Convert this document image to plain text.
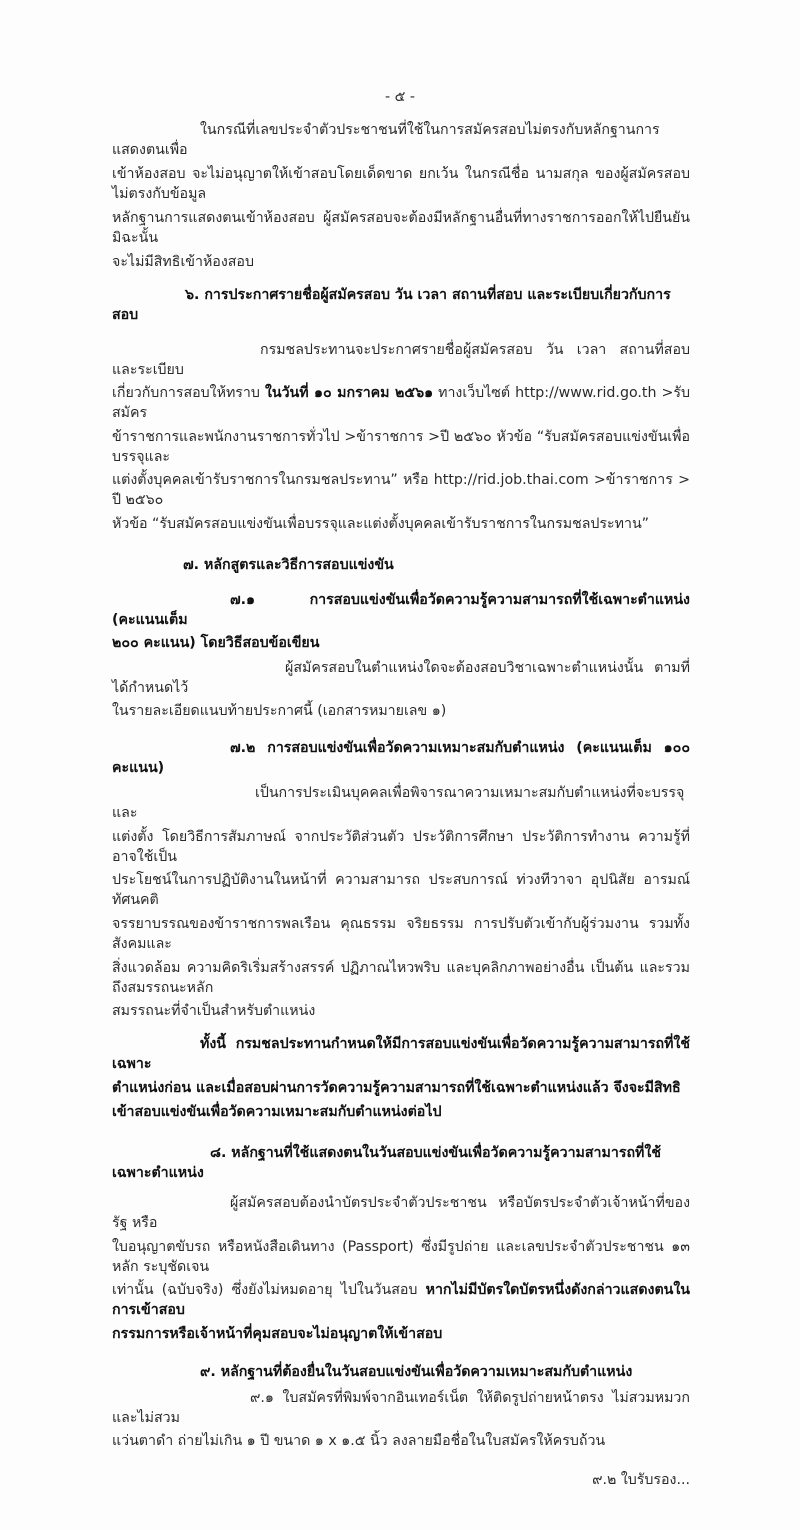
- ๕ -
ในกรณีที่เลขประจำตัวประชาชนที่ใช้ในการสมัครสอบไม่ตรงกับหลักฐานการแสดงตนเพื่อ
เข้าห้องสอบ จะไม่อนุญาตให้เข้าสอบโดยเด็ดขาด ยกเว้น ในกรณีชื่อ นามสกุล ของผู้สมัครสอบไม่ตรงกับข้อมูล
หลักฐานการแสดงตนเข้าห้องสอบ ผู้สมัครสอบจะต้องมีหลักฐานอื่นที่ทางราชการออกให้ไปยืนยัน มิฉะนั้น
จะไม่มีสิทธิเข้าห้องสอบ
๖. การประกาศรายชื่อผู้สมัครสอบ วัน เวลา สถานที่สอบ และระเบียบเกี่ยวกับการสอบ
กรมชลประทานจะประกาศรายชื่อผู้สมัครสอบ วัน เวลา สถานที่สอบ และระเบียบ
เกี่ยวกับการสอบให้ทราบ ในวันที่ ๑๐ มกราคม ๒๕๖๑ ทางเว็บไซต์ http://www.rid.go.th >รับสมัคร
ข้าราชการและพนักงานราชการทั่วไป >ข้าราชการ >ปี ๒๕๖๐ หัวข้อ “รับสมัครสอบแข่งขันเพื่อบรรจุและ
แต่งตั้งบุคคลเข้ารับราชการในกรมชลประทาน” หรือ http://rid.job.thai.com >ข้าราชการ > ปี ๒๕๖๐
หัวข้อ “รับสมัครสอบแข่งขันเพื่อบรรจุและแต่งตั้งบุคคลเข้ารับราชการในกรมชลประทาน”
๗. หลักสูตรและวิธีการสอบแข่งขัน
๗.๑ การสอบแข่งขันเพื่อวัดความรู้ความสามารถที่ใช้เฉพาะตำแหน่ง (คะแนนเต็ม
๒๐๐ คะแนน) โดยวิธีสอบข้อเขียน
ผู้สมัครสอบในตำแหน่งใดจะต้องสอบวิชาเฉพาะตำแหน่งนั้น ตามที่ได้กำหนดไว้
ในรายละเอียดแนบท้ายประกาศนี้ (เอกสารหมายเลข ๑)
๗.๒ การสอบแข่งขันเพื่อวัดความเหมาะสมกับตำแหน่ง (คะแนนเต็ม ๑๐๐ คะแนน)
เป็นการประเมินบุคคลเพื่อพิจารณาความเหมาะสมกับตำแหน่งที่จะบรรจุและ
แต่งตั้ง โดยวิธีการสัมภาษณ์ จากประวัติส่วนตัว ประวัติการศึกษา ประวัติการทำงาน ความรู้ที่อาจใช้เป็น
ประโยชน์ในการปฏิบัติงานในหน้าที่ ความสามารถ ประสบการณ์ ท่วงทีวาจา อุปนิสัย อารมณ์ ทัศนคติ
จรรยาบรรณของข้าราชการพลเรือน คุณธรรม จริยธรรม การปรับตัวเข้ากับผู้ร่วมงาน รวมทั้ง สังคมและ
สิ่งแวดล้อม ความคิดริเริ่มสร้างสรรค์ ปฏิภาณไหวพริบ และบุคลิกภาพอย่างอื่น เป็นต้น และรวมถึงสมรรถนะหลัก
สมรรถนะที่จำเป็นสำหรับตำแหน่ง
ทั้งนี้ กรมชลประทานกำหนดให้มีการสอบแข่งขันเพื่อวัดความรู้ความสามารถที่ใช้เฉพาะ
ตำแหน่งก่อน และเมื่อสอบผ่านการวัดความรู้ความสามารถที่ใช้เฉพาะตำแหน่งแล้ว จึงจะมีสิทธิ
เข้าสอบแข่งขันเพื่อวัดความเหมาะสมกับตำแหน่งต่อไป
๘. หลักฐานที่ใช้แสดงตนในวันสอบแข่งขันเพื่อวัดความรู้ความสามารถที่ใช้เฉพาะตำแหน่ง
ผู้สมัครสอบต้องนำบัตรประจำตัวประชาชน หรือบัตรประจำตัวเจ้าหน้าที่ของรัฐ หรือ
ใบอนุญาตขับรถ หรือหนังสือเดินทาง (Passport) ซึ่งมีรูปถ่าย และเลขประจำตัวประชาชน ๑๓ หลัก ระบุชัดเจน
เท่านั้น (ฉบับจริง) ซึ่งยังไม่หมดอายุ ไปในวันสอบ หากไม่มีบัตรใดบัตรหนึ่งดังกล่าวแสดงตนในการเข้าสอบ
กรรมการหรือเจ้าหน้าที่คุมสอบจะไม่อนุญาตให้เข้าสอบ
๙. หลักฐานที่ต้องยื่นในวันสอบแข่งขันเพื่อวัดความเหมาะสมกับตำแหน่ง
๙.๑ ใบสมัครที่พิมพ์จากอินเทอร์เน็ต ให้ติดรูปถ่ายหน้าตรง ไม่สวมหมวก และไม่สวม
แว่นตาดำ ถ่ายไม่เกิน ๑ ปี ขนาด ๑ x ๑.๕ นิ้ว ลงลายมือชื่อในใบสมัครให้ครบถ้วน
๙.๒ ใบรับรอง...
